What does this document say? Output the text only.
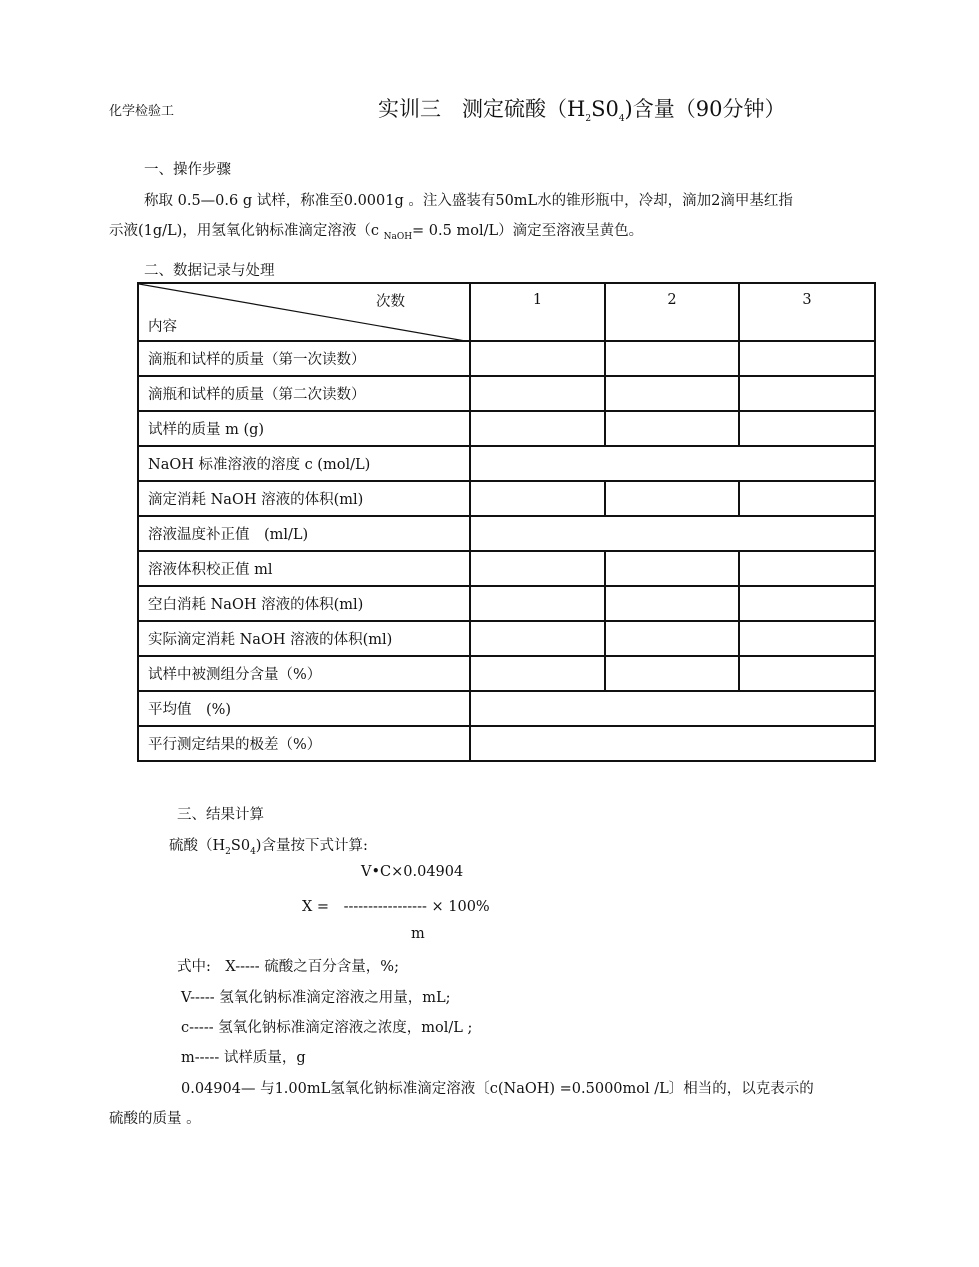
化学检验工	实训三　测定硫酸$(H_2S0_4)$含量（90分钟）
一、操作步骤
称取 0.5—0.6 g 试样，称准至0.0001g 。注入盛装有50mL水的锥形瓶中，冷却，滴加2滴甲基红指
示液(1g/L)，用氢氧化钠标准滴定溶液（c $_{NaOH}$= 0.5 mol/L）滴定至溶液呈黄色。
二、数据记录与处理
次数
内容	1	2	3
滴瓶和试样的质量（第一次读数）			
滴瓶和试样的质量（第二次读数）			
试样的质量 m (g)			
NaOH 标准溶液的溶度 c (mol/L)			
滴定消耗 NaOH 溶液的体积(ml)			
溶液温度补正值　(ml/L)			
溶液体积校正值 ml			
空白消耗 NaOH 溶液的体积(ml)			
实际滴定消耗 NaOH 溶液的体积(ml)			
试样中被测组分含量（%）			
平均值　(%)			
平行测定结果的极差（%）			
三、结果计算
硫酸$(H_2S0_4)$含量按下式计算:
V•C×0.04904
X =　----------------- × 100%
m
式中:　X----- 硫酸之百分含量，%;
V----- 氢氧化钠标准滴定溶液之用量，mL;
c----- 氢氧化钠标准滴定溶液之浓度，mol/L ;
m----- 试样质量，g
0.04904— 与1.00mL氢氧化钠标准滴定溶液〔c(NaOH) =0.5000mol /L〕相当的，以克表示的
硫酸的质量 。
